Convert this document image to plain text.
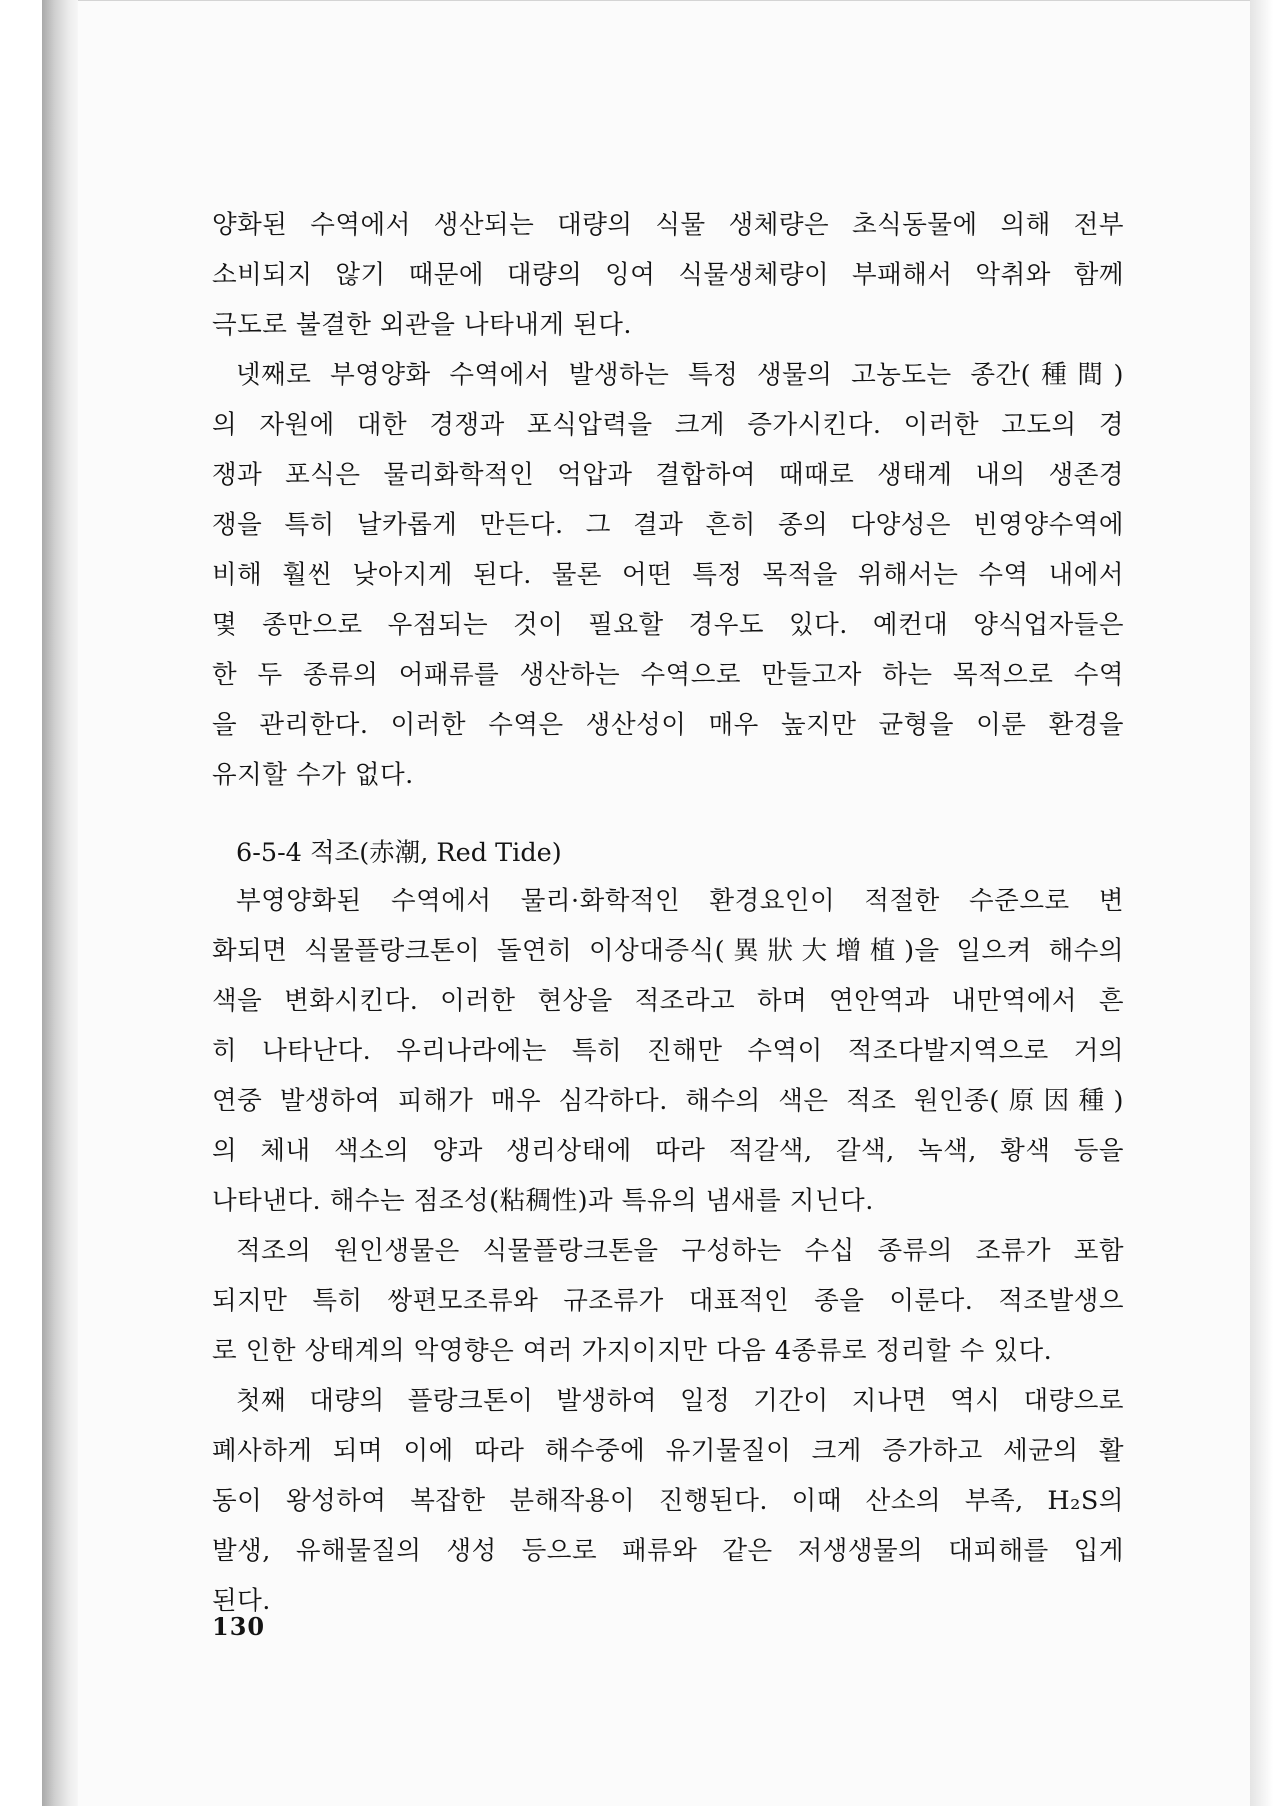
양화된 수역에서 생산되는 대량의 식물 생체량은 초식동물에 의해 전부
소비되지 않기 때문에 대량의 잉여 식물생체량이 부패해서 악취와 함께
극도로 불결한 외관을 나타내게 된다.
넷째로 부영양화 수역에서 발생하는 특정 생물의 고농도는 종간(種間)
의 자원에 대한 경쟁과 포식압력을 크게 증가시킨다. 이러한 고도의 경
쟁과 포식은 물리화학적인 억압과 결합하여 때때로 생태계 내의 생존경
쟁을 특히 날카롭게 만든다. 그 결과 흔히 종의 다양성은 빈영양수역에
비해 훨씬 낮아지게 된다. 물론 어떤 특정 목적을 위해서는 수역 내에서
몇 종만으로 우점되는 것이 필요할 경우도 있다. 예컨대 양식업자들은
한 두 종류의 어패류를 생산하는 수역으로 만들고자 하는 목적으로 수역
을 관리한다. 이러한 수역은 생산성이 매우 높지만 균형을 이룬 환경을
유지할 수가 없다.
6-5-4 적조(赤潮, Red Tide)
부영양화된 수역에서 물리·화학적인 환경요인이 적절한 수준으로 변
화되면 식물플랑크톤이 돌연히 이상대증식(異狀大增植)을 일으켜 해수의
색을 변화시킨다. 이러한 현상을 적조라고 하며 연안역과 내만역에서 흔
히 나타난다. 우리나라에는 특히 진해만 수역이 적조다발지역으로 거의
연중 발생하여 피해가 매우 심각하다. 해수의 색은 적조 원인종(原因種)
의 체내 색소의 양과 생리상태에 따라 적갈색, 갈색, 녹색, 황색 등을
나타낸다. 해수는 점조성(粘稠性)과 특유의 냄새를 지닌다.
적조의 원인생물은 식물플랑크톤을 구성하는 수십 종류의 조류가 포함
되지만 특히 쌍편모조류와 규조류가 대표적인 종을 이룬다. 적조발생으
로 인한 상태계의 악영향은 여러 가지이지만 다음 4종류로 정리할 수 있다.
첫째 대량의 플랑크톤이 발생하여 일정 기간이 지나면 역시 대량으로
폐사하게 되며 이에 따라 해수중에 유기물질이 크게 증가하고 세균의 활
동이 왕성하여 복잡한 분해작용이 진행된다. 이때 산소의 부족, H₂S의
발생, 유해물질의 생성 등으로 패류와 같은 저생생물의 대피해를 입게
된다.
130
